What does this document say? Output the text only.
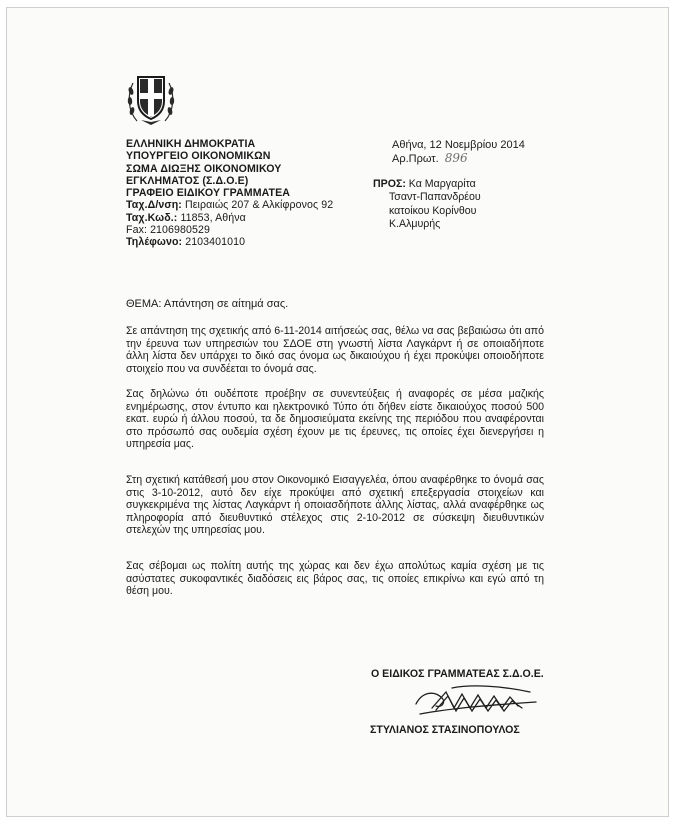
ΕΛΛΗΝΙΚΗ ΔΗΜΟΚΡΑΤΙΑ
ΥΠΟΥΡΓΕΙΟ ΟΙΚΟΝΟΜΙΚΩΝ
ΣΩΜΑ ΔΙΩΞΗΣ ΟΙΚΟΝΟΜΙΚΟΥ
ΕΓΚΛΗΜΑΤΟΣ (Σ.Δ.Ο.Ε)
ΓΡΑΦΕΙΟ ΕΙΔΙΚΟΥ ΓΡΑΜΜΑΤΕΑ
Ταχ.Δ/νση: Πειραιώς 207 & Αλκίφρονος 92
Ταχ.Κωδ.: 11853, Αθήνα
Fax: 2106980529
Τηλέφωνο: 2103401010
Αθήνα, 12 Νοεμβρίου 2014
Αρ.Πρωτ. 896
ΠΡΟΣ: Κα Μαργαρίτα
Τσαντ-Παπανδρέου
κατοίκου Κορίνθου
Κ.Αλμυρής
ΘΕΜΑ: Απάντηση σε αίτημά σας.
Σε απάντηση της σχετικής από 6-11-2014 αιτήσεώς σας, θέλω να σας βεβαιώσω ότι από την έρευνα των υπηρεσιών του ΣΔΟΕ στη γνωστή λίστα Λαγκάρντ ή σε οποιαδήποτε άλλη λίστα δεν υπάρχει το δικό σας όνομα ως δικαιούχου ή έχει προκύψει οποιοδήποτε στοιχείο που να συνδέεται το όνομά σας.
Σας δηλώνω ότι ουδέποτε προέβην σε συνεντεύξεις ή αναφορές σε μέσα μαζικής ενημέρωσης, στον έντυπο και ηλεκτρονικό Τύπο ότι δήθεν είστε δικαιούχος ποσού 500 εκατ. ευρώ ή άλλου ποσού, τα δε δημοσιεύματα εκείνης της περιόδου που αναφέρονται στο πρόσωπό σας ουδεμία σχέση έχουν με τις έρευνες, τις οποίες έχει διενεργήσει η υπηρεσία μας.
Στη σχετική κατάθεσή μου στον Οικονομικό Εισαγγελέα, όπου αναφέρθηκε το όνομά σας στις 3-10-2012, αυτό δεν είχε προκύψει από σχετική επεξεργασία στοιχείων και συγκεκριμένα της λίστας Λαγκάρντ ή οποιασδήποτε άλλης λίστας, αλλά αναφέρθηκε ως πληροφορία από διευθυντικό στέλεχος στις 2-10-2012 σε σύσκεψη διευθυντικών στελεχών της υπηρεσίας μου.
Σας σέβομαι ως πολίτη αυτής της χώρας και δεν έχω απολύτως καμία σχέση με τις ασύστατες συκοφαντικές διαδόσεις εις βάρος σας, τις οποίες επικρίνω και εγώ από τη θέση μου.
Ο ΕΙΔΙΚΟΣ ΓΡΑΜΜΑΤΕΑΣ Σ.Δ.Ο.Ε.
ΣΤΥΛΙΑΝΟΣ ΣΤΑΣΙΝΟΠΟΥΛΟΣ
